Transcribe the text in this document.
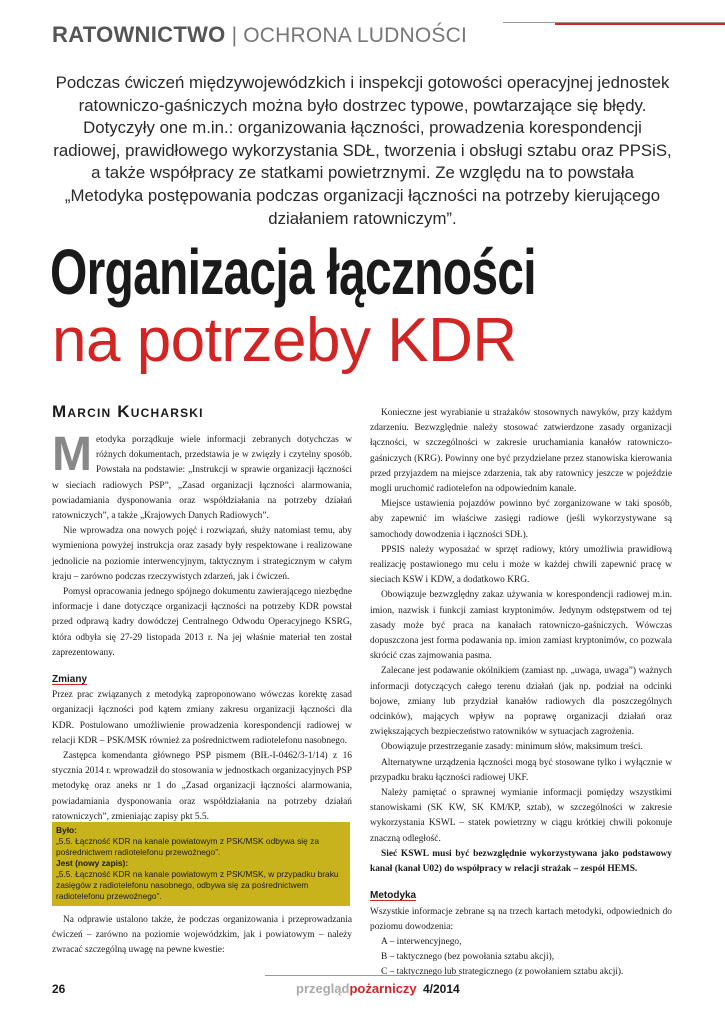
RATOWNICTWO | OCHRONA LUDNOŚCI
Podczas ćwiczeń międzywojewódzkich i inspekcji gotowości operacyjnej jednostek ratowniczo-gaśniczych można było dostrzec typowe, powtarzające się błędy. Dotyczyły one m.in.: organizowania łączności, prowadzenia korespondencji radiowej, prawidłowego wykorzystania SDŁ, tworzenia i obsługi sztabu oraz PPSiS, a także współpracy ze statkami powietrznymi. Ze względu na to powstała „Metodyka postępowania podczas organizacji łączności na potrzeby kierującego działaniem ratowniczym”.
Organizacja łączności
na potrzeby KDR
Marcin Kucharski

Metodyka porządkuje wiele informacji zebranych dotychczas w różnych dokumentach, przedstawia je w zwięzły i czytelny sposób. Powstała na podstawie: „Instrukcji w sprawie organizacji łączności w sieciach radiowych PSP”, „Zasad organizacji łączności alarmowania, powiadamiania dysponowania oraz współdziałania na potrzeby działań ratowniczych”, a także „Krajowych Danych Radiowych”.

Nie wprowadza ona nowych pojęć i rozwiązań, służy natomiast temu, aby wymieniona powyżej instrukcja oraz zasady były respektowane i realizowane jednolicie na poziomie interwencyjnym, taktycznym i strategicznym w całym kraju – zarówno podczas rzeczywistych zdarzeń, jak i ćwiczeń.

Pomysł opracowania jednego spójnego dokumentu zawierającego niezbędne informacje i dane dotyczące organizacji łączności na potrzeby KDR powstał przed odprawą kadry dowódczej Centralnego Odwodu Operacyjnego KSRG, która odbyła się 27-29 listopada 2013 r. Na jej właśnie materiał ten został zaprezentowany.

Zmiany

Przez prac związanych z metodyką zaproponowano wówczas korektę zasad organizacji łączności pod kątem zmiany zakresu organizacji łączności dla KDR. Postulowano umożliwienie prowadzenia korespondencji radiowej w relacji KDR – PSK/MSK również za pośrednictwem radiotelefonu nasobnego.

Zastępca komendanta głównego PSP pismem (BIŁ-I-0462/3-1/14) z 16 stycznia 2014 r. wprowadził do stosowania w jednostkach organizacyjnych PSP metodykę oraz aneks nr 1 do „Zasad organizacji łączności alarmowania, powiadamiania dysponowania oraz współdziałania na potrzeby działań ratowniczych”, zmieniając zapisy pkt 5.5.

Było:
„5.5. Łączność KDR na kanale powiatowym z PSK/MSK odbywa się za pośrednictwem radiotelefonu przewoźnego”.
Jest (nowy zapis):
„5.5. Łączność KDR na kanale powiatowym z PSK/MSK, w przypadku braku zasięgów z radiotelefonu nasobnego, odbywa się za pośrednictwem radiotelefonu przewoźnego”.

Na odprawie ustalono także, że podczas organizowania i przeprowadzania ćwiczeń – zarówno na poziomie wojewódzkim, jak i powiatowym – należy zwracać szczególną uwagę na pewne kwestie:

Konieczne jest wyrabianie u strażaków stosownych nawyków, przy każdym zdarzeniu. Bezwzględnie należy stosować zatwierdzone zasady organizacji łączności, w szczególności w zakresie uruchamiania kanałów ratowniczo-gaśniczych (KRG). Powinny one być przydzielane przez stanowiska kierowania przed przyjazdem na miejsce zdarzenia, tak aby ratownicy jeszcze w pojeździe mogli uruchomić radiotelefon na odpowiednim kanale.

Miejsce ustawienia pojazdów powinno być zorganizowane w taki sposób, aby zapewnić im właściwe zasięgi radiowe (jeśli wykorzystywane są samochody dowodzenia i łączności SDŁ).

PPSIS należy wyposażać w sprzęt radiowy, który umożliwia prawidłową realizację postawionego mu celu i może w każdej chwili zapewnić pracę w sieciach KSW i KDW, a dodatkowo KRG.

Obowiązuje bezwzględny zakaz używania w korespondencji radiowej m.in. imion, nazwisk i funkcji zamiast kryptonimów. Jedynym odstępstwem od tej zasady może być praca na kanałach ratowniczo-gaśniczych. Wówczas dopuszczona jest forma podawania np. imion zamiast kryptonimów, co pozwala skrócić czas zajmowania pasma.

Zalecane jest podawanie okólnikiem (zamiast np. „uwaga, uwaga”) ważnych informacji dotyczących całego terenu działań (jak np. podział na odcinki bojowe, zmiany lub przydział kanałów radiowych dla poszczególnych odcinków), mających wpływ na poprawę organizacji działań oraz zwiększających bezpieczeństwo ratowników w sytuacjach zagrożenia.

Obowiązuje przestrzeganie zasady: minimum słów, maksimum treści.

Alternatywne urządzenia łączności mogą być stosowane tylko i wyłącznie w przypadku braku łączności radiowej UKF.

Należy pamiętać o sprawnej wymianie informacji pomiędzy wszystkimi stanowiskami (SK KW, SK KM/KP, sztab), w szczególności w zakresie wykorzystania KSWL – statek powietrzny w ciągu krótkiej chwili pokonuje znaczną odległość.

Sieć KSWL musi być bezwzględnie wykorzystywana jako podstawowy kanał (kanał U02) do współpracy w relacji strażak – zespół HEMS.

Metodyka

Wszystkie informacje zebrane są na trzech kartach metodyki, odpowiednich do poziomu dowodzenia:

A – interwencyjnego,

B – taktycznego (bez powołania sztabu akcji),

C – taktycznego lub strategicznego (z powołaniem sztabu akcji).

26	przeglądpożarniczy 4/2014
